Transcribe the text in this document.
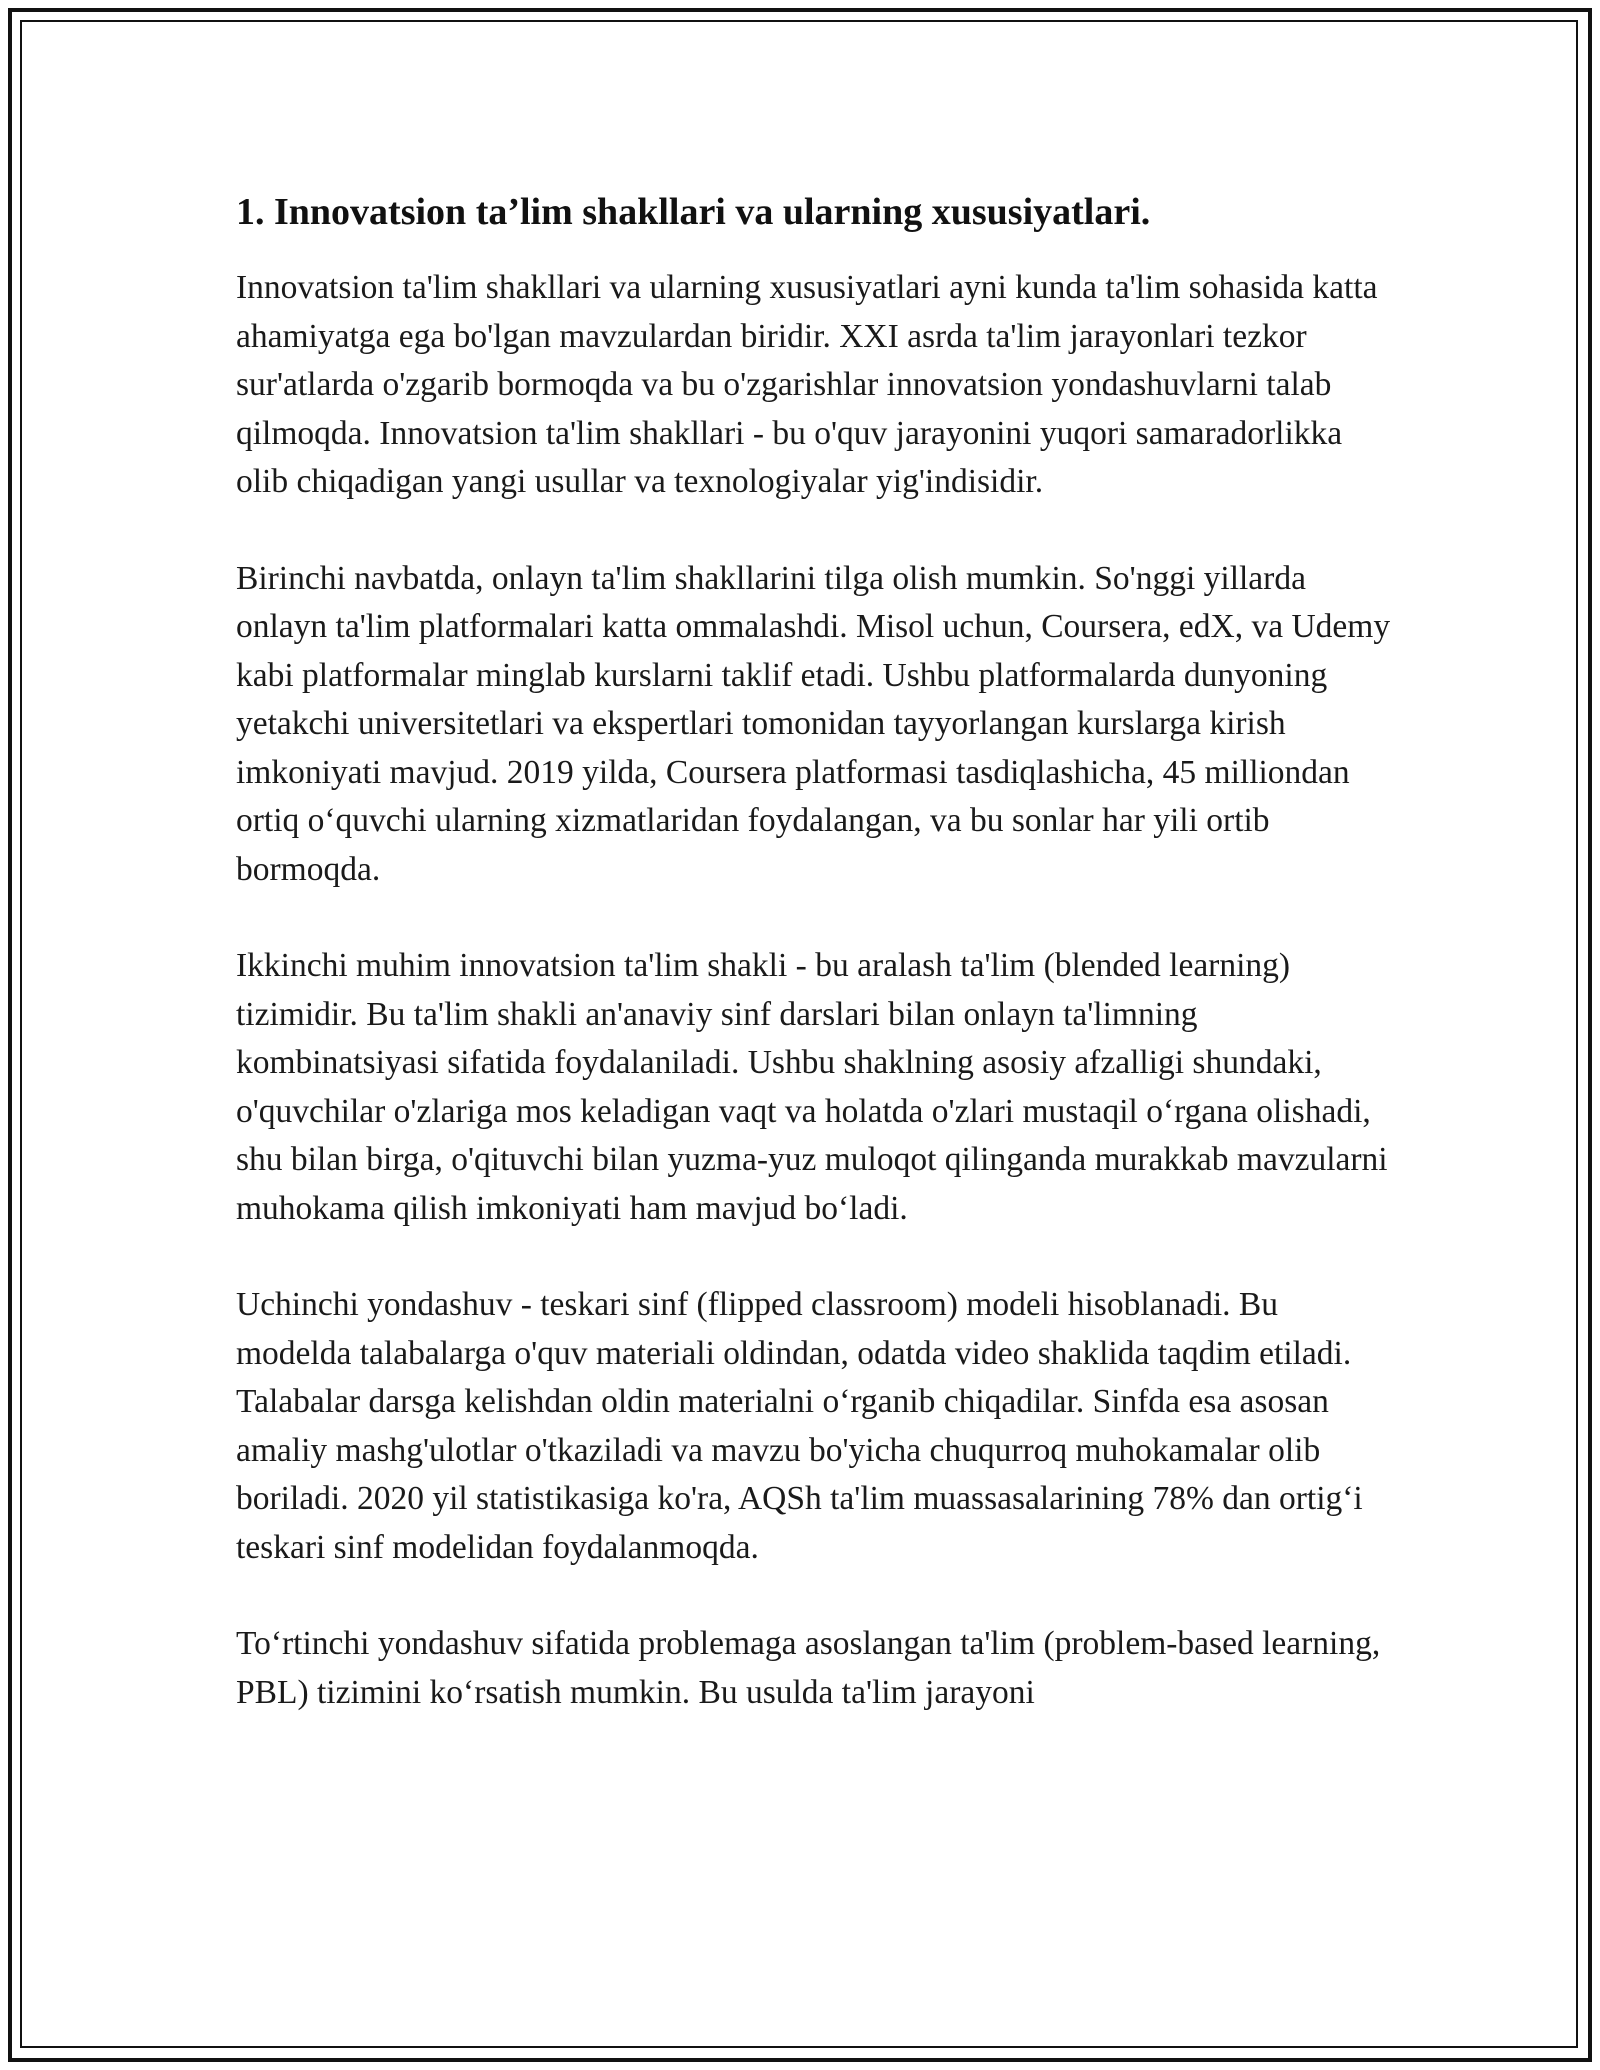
1. Innovatsion ta’lim shakllari va ularning xususiyatlari.

Innovatsion ta'lim shakllari va ularning xususiyatlari ayni kunda ta'lim sohasida katta ahamiyatga ega bo'lgan mavzulardan biridir. XXI asrda ta'lim jarayonlari tezkor sur'atlarda o'zgarib bormoqda va bu o'zgarishlar innovatsion yondashuvlarni talab qilmoqda. Innovatsion ta'lim shakllari - bu o'quv jarayonini yuqori samaradorlikka olib chiqadigan yangi usullar va texnologiyalar yig'indisidir.

Birinchi navbatda, onlayn ta'lim shakllarini tilga olish mumkin. So'nggi yillarda onlayn ta'lim platformalari katta ommalashdi. Misol uchun, Coursera, edX, va Udemy kabi platformalar minglab kurslarni taklif etadi. Ushbu platformalarda dunyoning yetakchi universitetlari va ekspertlari tomonidan tayyorlangan kurslarga kirish imkoniyati mavjud. 2019 yilda, Coursera platformasi tasdiqlashicha, 45 milliondan ortiq o‘quvchi ularning xizmatlaridan foydalangan, va bu sonlar har yili ortib bormoqda.

Ikkinchi muhim innovatsion ta'lim shakli - bu aralash ta'lim (blended learning) tizimidir. Bu ta'lim shakli an'anaviy sinf darslari bilan onlayn ta'limning kombinatsiyasi sifatida foydalaniladi. Ushbu shaklning asosiy afzalligi shundaki, o'quvchilar o'zlariga mos keladigan vaqt va holatda o'zlari mustaqil o‘rgana olishadi, shu bilan birga, o'qituvchi bilan yuzma-yuz muloqot qilinganda murakkab mavzularni muhokama qilish imkoniyati ham mavjud bo‘ladi.

Uchinchi yondashuv - teskari sinf (flipped classroom) modeli hisoblanadi. Bu modelda talabalarga o'quv materiali oldindan, odatda video shaklida taqdim etiladi. Talabalar darsga kelishdan oldin materialni o‘rganib chiqadilar. Sinfda esa asosan amaliy mashg'ulotlar o'tkaziladi va mavzu bo'yicha chuqurroq muhokamalar olib boriladi. 2020 yil statistikasiga ko'ra, AQSh ta'lim muassasalarining 78% dan ortig‘i teskari sinf modelidan foydalanmoqda.

To‘rtinchi yondashuv sifatida problemaga asoslangan ta'lim (problem-based learning, PBL) tizimini ko‘rsatish mumkin. Bu usulda ta'lim jarayoni
